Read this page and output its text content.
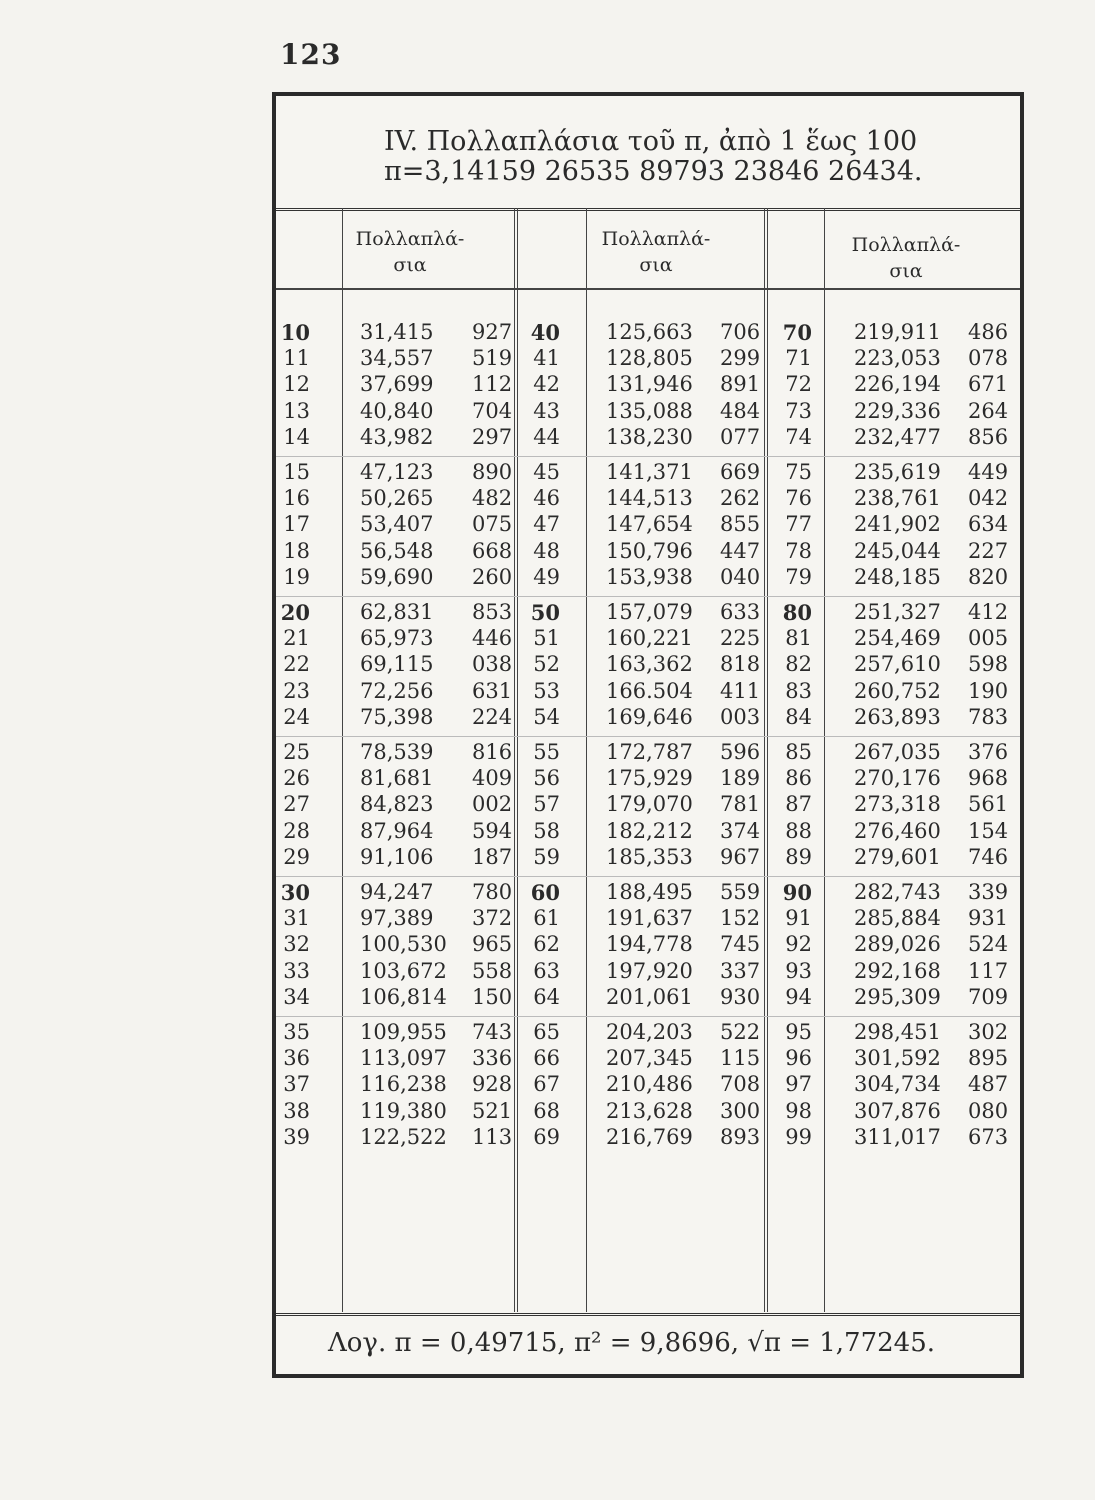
123
IV. Πολλαπλάσια τοῦ π, ἀπὸ 1 ἕως 100
π=3,14159 26535 89793 23846 26434.
Πολλαπλά-
σια
Πολλαπλά-
σια
Πολλαπλά-
σια
10 31,415 927 40 125,663 706 70 219,911 486
11 34,557 519 41 128,805 299 71 223,053 078
12 37,699 112 42 131,946 891 72 226,194 671
13 40,840 704 43 135,088 484 73 229,336 264
14 43,982 297 44 138,230 077 74 232,477 856
15 47,123 890 45 141,371 669 75 235,619 449
16 50,265 482 46 144,513 262 76 238,761 042
17 53,407 075 47 147,654 855 77 241,902 634
18 56,548 668 48 150,796 447 78 245,044 227
19 59,690 260 49 153,938 040 79 248,185 820
20 62,831 853 50 157,079 633 80 251,327 412
21 65,973 446 51 160,221 225 81 254,469 005
22 69,115 038 52 163,362 818 82 257,610 598
23 72,256 631 53 166.504 411 83 260,752 190
24 75,398 224 54 169,646 003 84 263,893 783
25 78,539 816 55 172,787 596 85 267,035 376
26 81,681 409 56 175,929 189 86 270,176 968
27 84,823 002 57 179,070 781 87 273,318 561
28 87,964 594 58 182,212 374 88 276,460 154
29 91,106 187 59 185,353 967 89 279,601 746
30 94,247 780 60 188,495 559 90 282,743 339
31 97,389 372 61 191,637 152 91 285,884 931
32 100,530 965 62 194,778 745 92 289,026 524
33 103,672 558 63 197,920 337 93 292,168 117
34 106,814 150 64 201,061 930 94 295,309 709
35 109,955 743 65 204,203 522 95 298,451 302
36 113,097 336 66 207,345 115 96 301,592 895
37 116,238 928 67 210,486 708 97 304,734 487
38 119,380 521 68 213,628 300 98 307,876 080
39 122,522 113 69 216,769 893 99 311,017 673
Λογ. π = 0,49715, π² = 9,8696, √π = 1,77245.
